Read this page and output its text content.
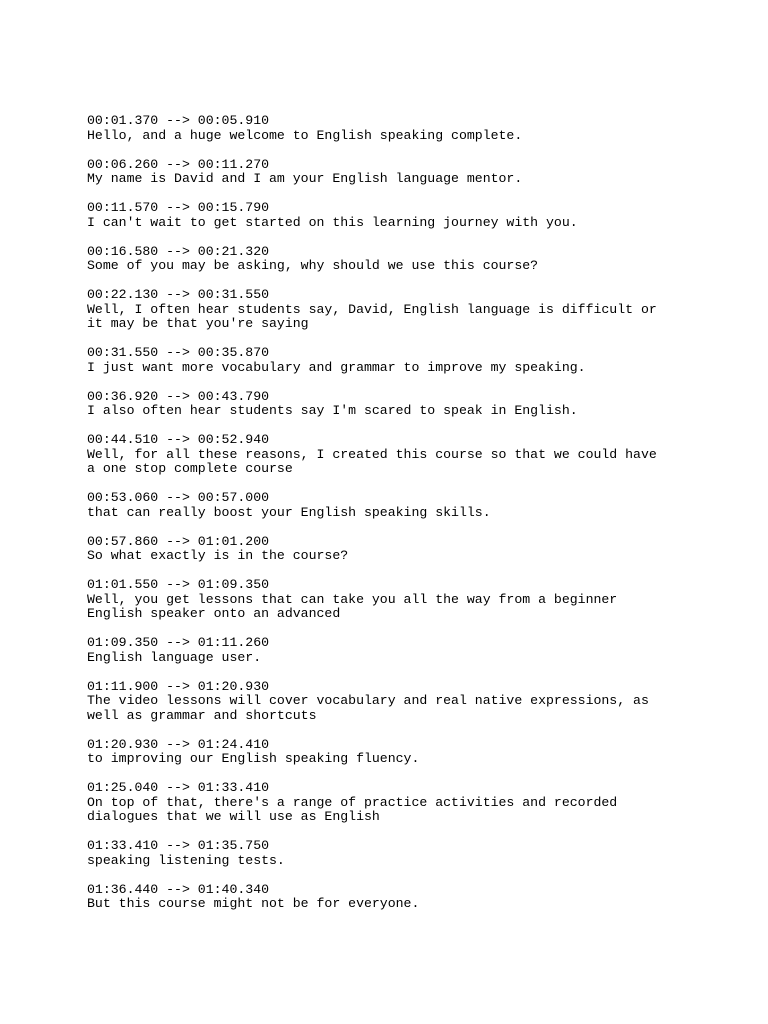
00:01.370 --> 00:05.910
Hello, and a huge welcome to English speaking complete.
00:06.260 --> 00:11.270
My name is David and I am your English language mentor.
00:11.570 --> 00:15.790
I can't wait to get started on this learning journey with you.
00:16.580 --> 00:21.320
Some of you may be asking, why should we use this course?
00:22.130 --> 00:31.550
Well, I often hear students say, David, English language is difficult or
it may be that you're saying
00:31.550 --> 00:35.870
I just want more vocabulary and grammar to improve my speaking.
00:36.920 --> 00:43.790
I also often hear students say I'm scared to speak in English.
00:44.510 --> 00:52.940
Well, for all these reasons, I created this course so that we could have
a one stop complete course
00:53.060 --> 00:57.000
that can really boost your English speaking skills.
00:57.860 --> 01:01.200
So what exactly is in the course?
01:01.550 --> 01:09.350
Well, you get lessons that can take you all the way from a beginner
English speaker onto an advanced
01:09.350 --> 01:11.260
English language user.
01:11.900 --> 01:20.930
The video lessons will cover vocabulary and real native expressions, as
well as grammar and shortcuts
01:20.930 --> 01:24.410
to improving our English speaking fluency.
01:25.040 --> 01:33.410
On top of that, there's a range of practice activities and recorded
dialogues that we will use as English
01:33.410 --> 01:35.750
speaking listening tests.
01:36.440 --> 01:40.340
But this course might not be for everyone.
